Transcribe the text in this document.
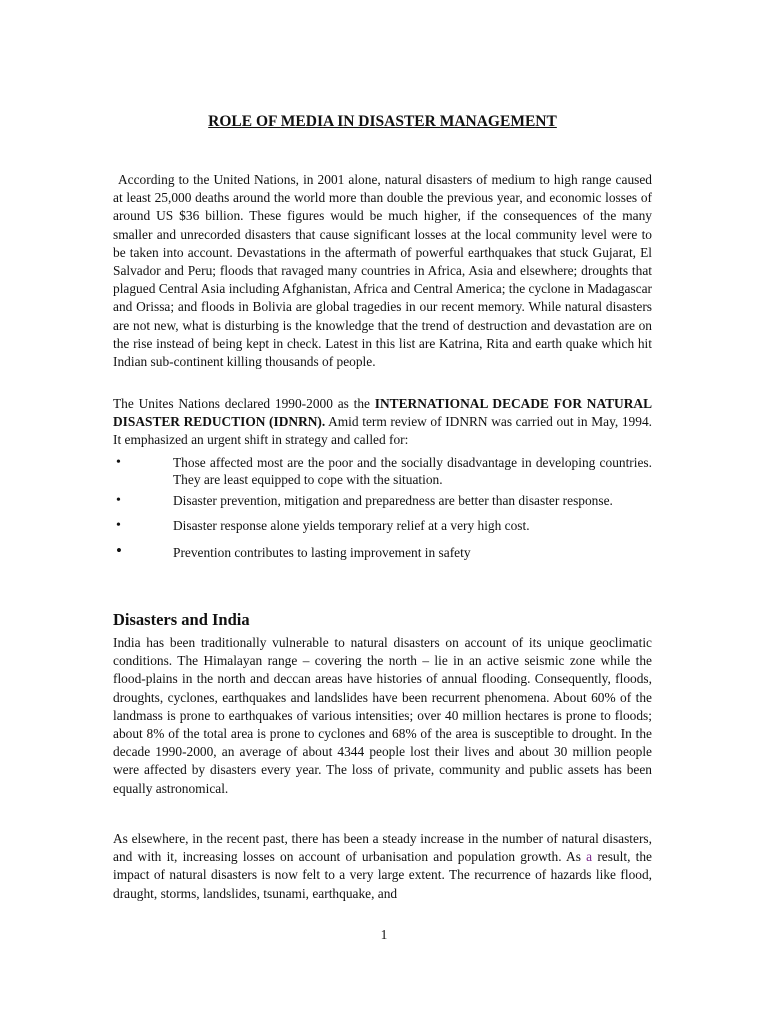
ROLE OF MEDIA IN DISASTER MANAGEMENT

According to the United Nations, in 2001 alone, natural disasters of medium to high range caused at least 25,000 deaths around the world more than double the previous year, and economic losses of around US $36 billion. These figures would be much higher, if the consequences of the many smaller and unrecorded disasters that cause significant losses at the local community level were to be taken into account. Devastations in the aftermath of powerful earthquakes that stuck Gujarat, El Salvador and Peru; floods that ravaged many countries in Africa, Asia and elsewhere; droughts that plagued Central Asia including Afghanistan, Africa and Central America; the cyclone in Madagascar and Orissa; and floods in Bolivia are global tragedies in our recent memory. While natural disasters are not new, what is disturbing is the knowledge that the trend of destruction and devastation are on the rise instead of being kept in check. Latest in this list are Katrina, Rita and earth quake which hit Indian sub-continent killing thousands of people.

The Unites Nations declared 1990-2000 as the INTERNATIONAL DECADE FOR NATURAL DISASTER REDUCTION (IDNRN). Amid term review of IDNRN was carried out in May, 1994. It emphasized an urgent shift in strategy and called for:

•	Those affected most are the poor and the socially disadvantage in developing countries. They are least equipped to cope with the situation.
•	Disaster prevention, mitigation and preparedness are better than disaster response.
•	Disaster response alone yields temporary relief at a very high cost.
•	Prevention contributes to lasting improvement in safety
Disasters and India

India has been traditionally vulnerable to natural disasters on account of its unique geoclimatic conditions. The Himalayan range – covering the north – lie in an active seismic zone while the flood-plains in the north and deccan areas have histories of annual flooding. Consequently, floods, droughts, cyclones, earthquakes and landslides have been recurrent phenomena. About 60% of the landmass is prone to earthquakes of various intensities; over 40 million hectares is prone to floods; about 8% of the total area is prone to cyclones and 68% of the area is susceptible to drought. In the decade 1990-2000, an average of about 4344 people lost their lives and about 30 million people were affected by disasters every year. The loss of private, community and public assets has been equally astronomical.

As elsewhere, in the recent past, there has been a steady increase in the number of natural disasters, and with it, increasing losses on account of urbanisation and population growth. As a result, the impact of natural disasters is now felt to a very large extent. The recurrence of hazards like flood, draught, storms, landslides, tsunami, earthquake, and

1
